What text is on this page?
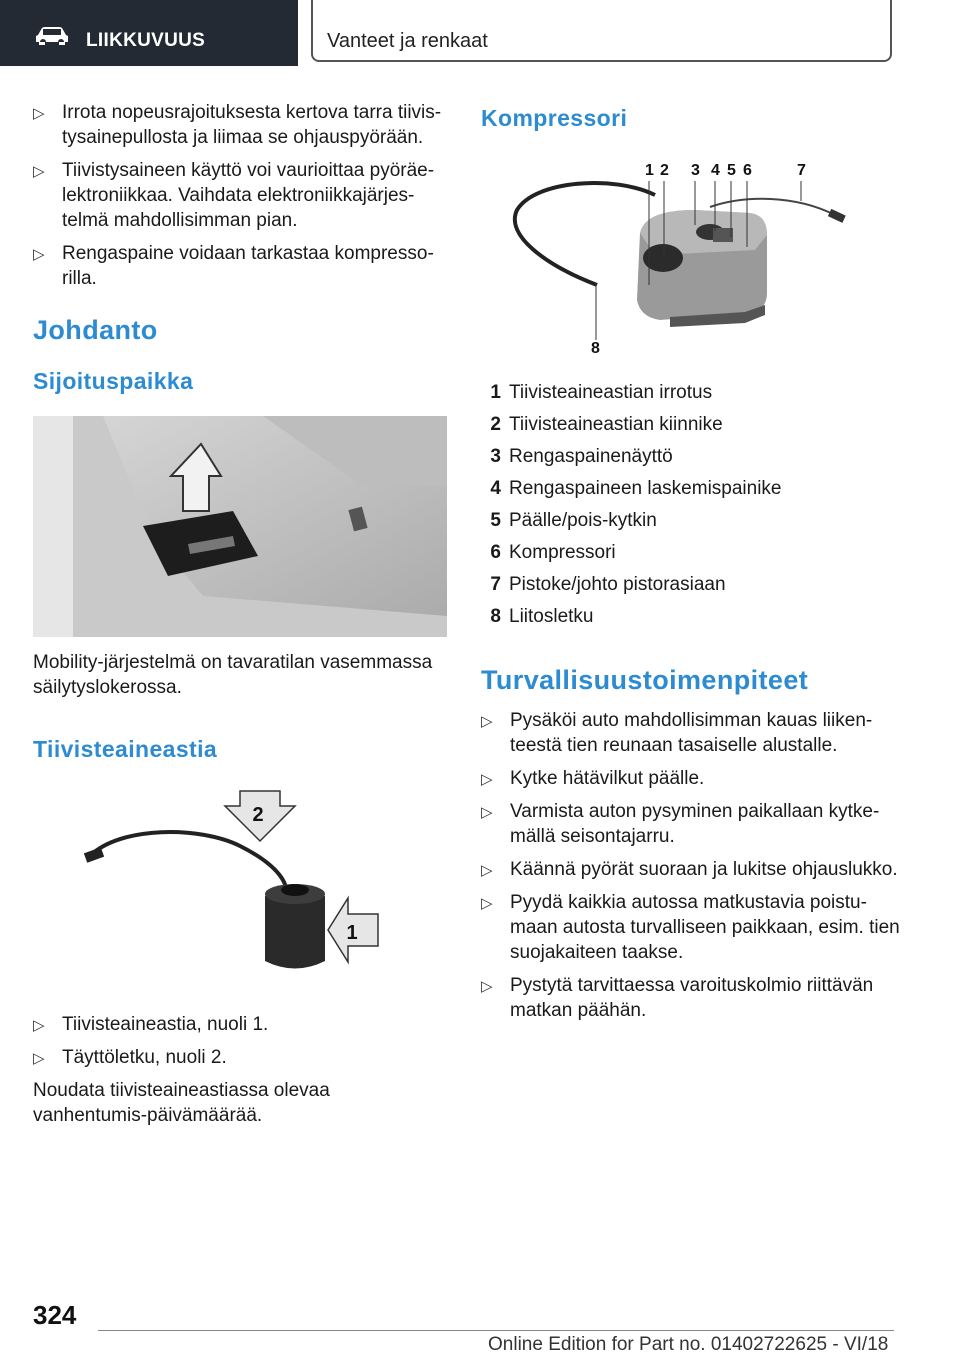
LIIKKUVUUS	Vanteet ja renkaat
▷ Irrota nopeusrajoituksesta kertova tarra tiivis-tysainepullosta ja liimaa se ohjauspyörään.
▷ Tiivistysaineen käyttö voi vaurioittaa pyöräe-lektroniikkaa. Vaihdata elektroniikkajärjes-telmä mahdollisimman pian.
▷ Rengaspaine voidaan tarkastaa kompresso-rilla.
Johdanto
Sijoituspaikka
Mobility-järjestelmä on tavaratilan vasemmassa säilytyslokerossa.
Tiivisteaineastia
2
1
▷ Tiivisteaineastia, nuoli 1.
▷ Täyttöletku, nuoli 2.
Noudata tiivisteaineastiassa olevaa vanhentumis-päivämäärää.
Kompressori
1 2 3 4 5 6	7
8
1 Tiivisteaineastian irrotus
2 Tiivisteaineastian kiinnike
3 Rengaspainenäyttö
4 Rengaspaineen laskemispainike
5 Päälle/pois-kytkin
6 Kompressori
7 Pistoke/johto pistorasiaan
8 Liitosletku
Turvallisuustoimenpiteet
▷ Pysäköi auto mahdollisimman kauas liiken-teestä tien reunaan tasaiselle alustalle.
▷ Kytke hätävilkut päälle.
▷ Varmista auton pysyminen paikallaan kytke-mällä seisontajarru.
▷ Käännä pyörät suoraan ja lukitse ohjauslukko.
▷ Pyydä kaikkia autossa matkustavia poistu-maan autosta turvalliseen paikkaan, esim. tien suojakaiteen taakse.
▷ Pystytä tarvittaessa varoituskolmio riittävän matkan päähän.
324
Online Edition for Part no. 01402722625 - VI/18
